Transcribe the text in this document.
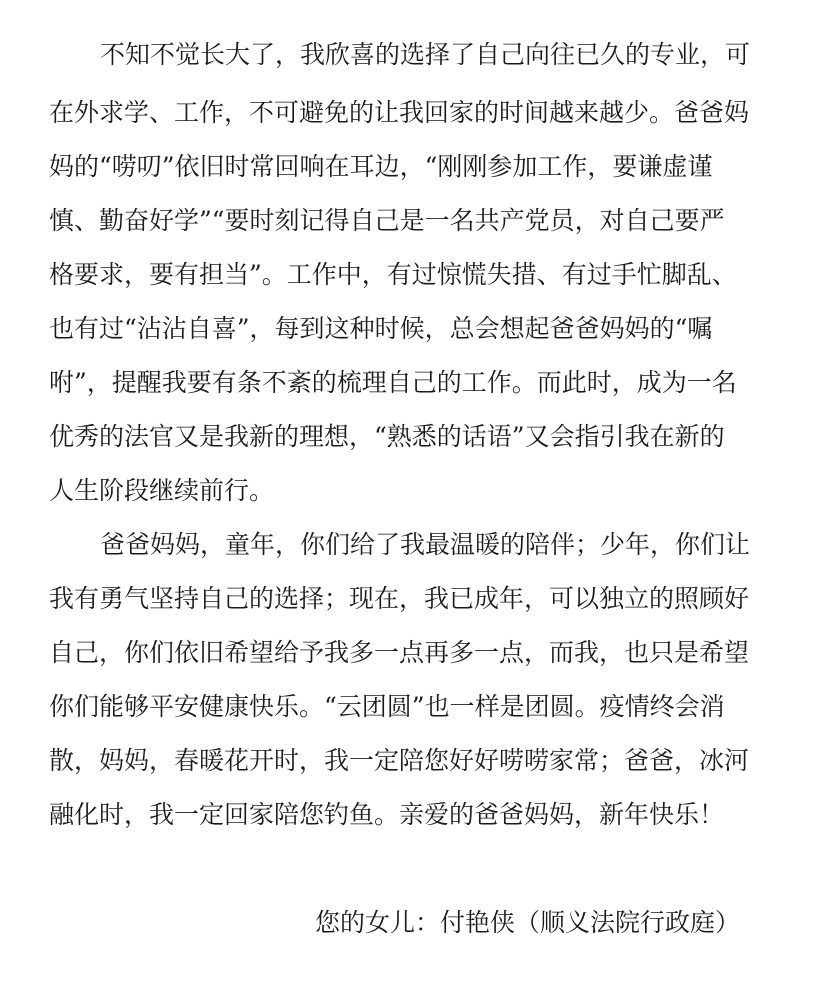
不知不觉长大了，我欣喜的选择了自己向往已久的专业，可
在外求学、工作，不可避免的让我回家的时间越来越少。爸爸妈
妈的“唠叨”依旧时常回响在耳边，“刚刚参加工作，要谦虚谨
慎、勤奋好学”“要时刻记得自己是一名共产党员，对自己要严
格要求，要有担当”。工作中，有过惊慌失措、有过手忙脚乱、
也有过“沾沾自喜”，每到这种时候，总会想起爸爸妈妈的“嘱
咐”，提醒我要有条不紊的梳理自己的工作。而此时，成为一名
优秀的法官又是我新的理想，“熟悉的话语”又会指引我在新的
人生阶段继续前行。
爸爸妈妈，童年，你们给了我最温暖的陪伴；少年，你们让
我有勇气坚持自己的选择；现在，我已成年，可以独立的照顾好
自己，你们依旧希望给予我多一点再多一点，而我，也只是希望
你们能够平安健康快乐。“云团圆”也一样是团圆。疫情终会消
散，妈妈，春暖花开时，我一定陪您好好唠唠家常；爸爸，冰河
融化时，我一定回家陪您钓鱼。亲爱的爸爸妈妈，新年快乐！
您的女儿：付艳侠（顺义法院行政庭）
